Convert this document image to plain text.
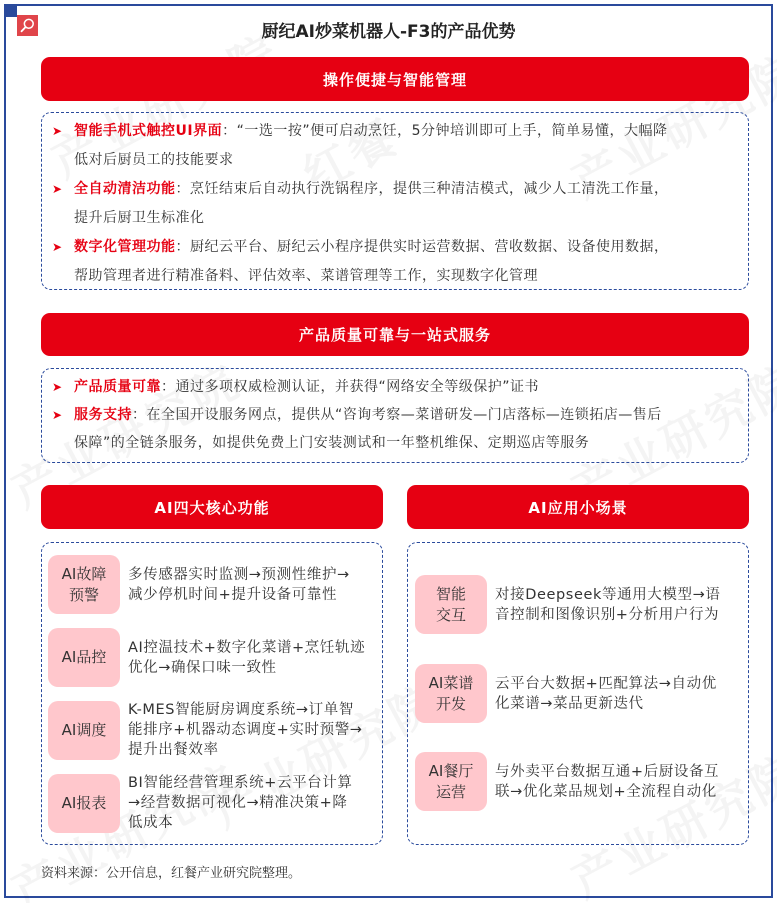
厨纪AI炒菜机器人-F3的产品优势
操作便捷与智能管理
➤ 智能手机式触控UI界面：“一选一按”便可启动烹饪，5分钟培训即可上手，简单易懂，大幅降
低对后厨员工的技能要求
➤ 全自动清洁功能：烹饪结束后自动执行洗锅程序，提供三种清洁模式，减少人工清洗工作量，
提升后厨卫生标准化
➤ 数字化管理功能：厨纪云平台、厨纪云小程序提供实时运营数据、营收数据、设备使用数据，
帮助管理者进行精准备料、评估效率、菜谱管理等工作，实现数字化管理
产品质量可靠与一站式服务
➤ 产品质量可靠：通过多项权威检测认证，并获得“网络安全等级保护”证书
➤ 服务支持：在全国开设服务网点，提供从“咨询考察—菜谱研发—门店落标—连锁拓店—售后
保障”的全链条服务，如提供免费上门安装测试和一年整机维保、定期巡店等服务
AI四大核心功能
AI故障
预警
多传感器实时监测→预测性维护→
减少停机时间+提升设备可靠性
AI品控
AI控温技术+数字化菜谱+烹饪轨迹
优化→确保口味一致性
AI调度
K-MES智能厨房调度系统→订单智
能排序+机器动态调度+实时预警→
提升出餐效率
AI报表
BI智能经营管理系统+云平台计算
→经营数据可视化→精准决策+降
低成本
AI应用小场景
智能
交互
对接Deepseek等通用大模型→语
音控制和图像识别+分析用户行为
AI菜谱
开发
云平台大数据+匹配算法→自动优
化菜谱→菜品更新迭代
AI餐厅
运营
与外卖平台数据互通+后厨设备互
联→优化菜品规划+全流程自动化
资料来源：公开信息，红餐产业研究院整理。
